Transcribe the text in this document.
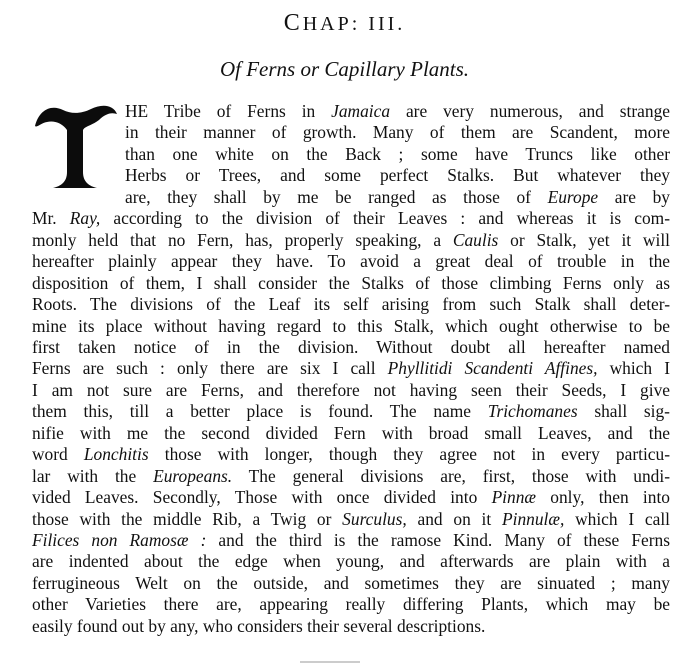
CHAP: III.
Of Ferns or Capillary Plants.
HE Tribe of Ferns in Jamaica are very numerous, and strange
in their manner of growth. Many of them are Scandent, more
than one white on the Back ; some have Truncs like other
Herbs or Trees, and some perfect Stalks. But whatever they
are, they shall by me be ranged as those of Europe are by
Mr. Ray, according to the division of their Leaves : and whereas it is com-
monly held that no Fern, has, properly speaking, a Caulis or Stalk, yet it will
hereafter plainly appear they have. To avoid a great deal of trouble in the
disposition of them, I shall consider the Stalks of those climbing Ferns only as
Roots. The divisions of the Leaf its self arising from such Stalk shall deter-
mine its place without having regard to this Stalk, which ought otherwise to be
first taken notice of in the division. Without doubt all hereafter named
Ferns are such : only there are six I call Phyllitidi Scandenti Affines, which I
I am not sure are Ferns, and therefore not having seen their Seeds, I give
them this, till a better place is found. The name Trichomanes shall sig-
nifie with me the second divided Fern with broad small Leaves, and the
word Lonchitis those with longer, though they agree not in every particu-
lar with the Europeans. The general divisions are, first, those with undi-
vided Leaves. Secondly, Those with once divided into Pinnæ only, then into
those with the middle Rib, a Twig or Surculus, and on it Pinnulæ, which I call
Filices non Ramosæ : and the third is the ramose Kind. Many of these Ferns
are indented about the edge when young, and afterwards are plain with a
ferrugineous Welt on the outside, and sometimes they are sinuated ; many
other Varieties there are, appearing really differing Plants, which may be
easily found out by any, who considers their several descriptions.
